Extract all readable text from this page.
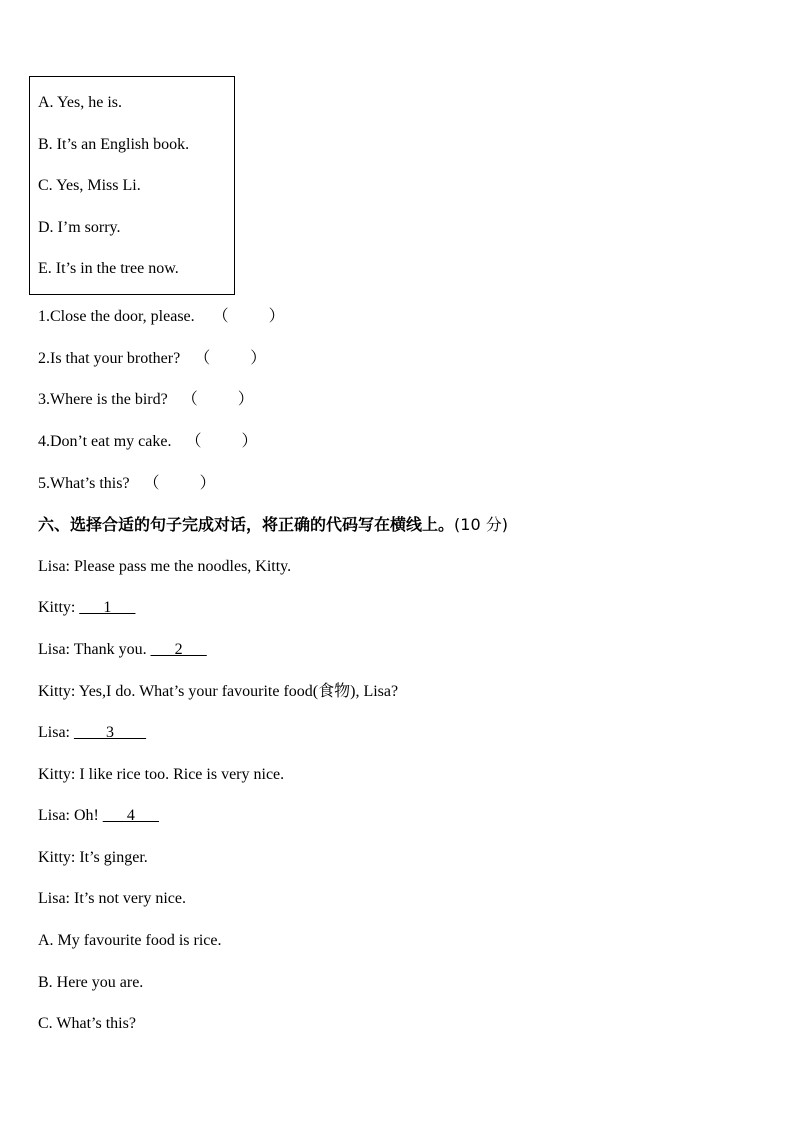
A. Yes, he is.
B. It’s an English book.
C. Yes, Miss Li.
D. I’m sorry.
E. It’s in the tree now.
1.Close the door, please. （	）
2.Is that your brother? （	）
3.Where is the bird? （	）
4.Don’t eat my cake. （	）
5.What’s this? （	）
六、选择合适的句子完成对话，将正确的代码写在横线上。(10 分)
Lisa: Please pass me the noodles, Kitty.
Kitty: ___1___
Lisa: Thank you. ___2___
Kitty: Yes,I do. What’s your favourite food(食物), Lisa?
Lisa: ____3____
Kitty: I like rice too. Rice is very nice.
Lisa: Oh! ___4___
Kitty: It’s ginger.
Lisa: It’s not very nice.
A. My favourite food is rice.
B. Here you are.
C. What’s this?
